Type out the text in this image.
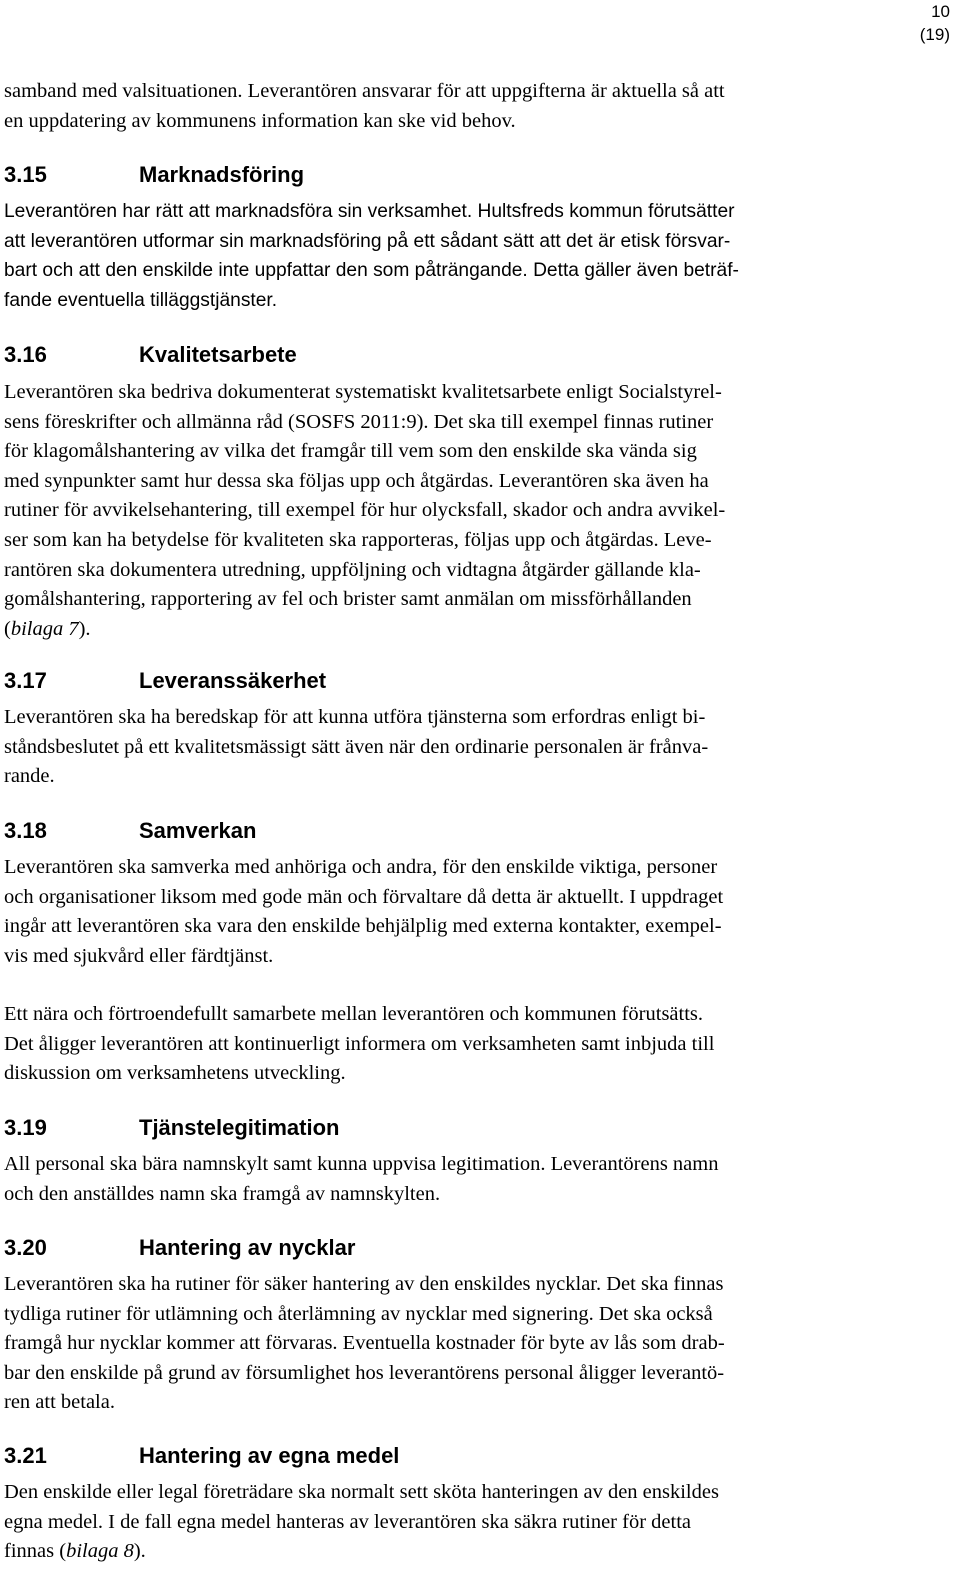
10
(19)
samband med valsituationen. Leverantören ansvarar för att uppgifterna är aktuella så att
en uppdatering av kommunens information kan ske vid behov.
3.15	Marknadsföring
Leverantören har rätt att marknadsföra sin verksamhet. Hultsfreds kommun förutsätter
att leverantören utformar sin marknadsföring på ett sådant sätt att det är etisk försvar-
bart och att den enskilde inte uppfattar den som påträngande. Detta gäller även beträf-
fande eventuella tilläggstjänster.
3.16	Kvalitetsarbete
Leverantören ska bedriva dokumenterat systematiskt kvalitetsarbete enligt Socialstyrel-
sens föreskrifter och allmänna råd (SOSFS 2011:9). Det ska till exempel finnas rutiner
för klagomålshantering av vilka det framgår till vem som den enskilde ska vända sig
med synpunkter samt hur dessa ska följas upp och åtgärdas. Leverantören ska även ha
rutiner för avvikelsehantering, till exempel för hur olycksfall, skador och andra avvikel-
ser som kan ha betydelse för kvaliteten ska rapporteras, följas upp och åtgärdas. Leve-
rantören ska dokumentera utredning, uppföljning och vidtagna åtgärder gällande kla-
gomålshantering, rapportering av fel och brister samt anmälan om missförhållanden
(bilaga 7).
3.17	Leveranssäkerhet
Leverantören ska ha beredskap för att kunna utföra tjänsterna som erfordras enligt bi-
ståndsbeslutet på ett kvalitetsmässigt sätt även när den ordinarie personalen är frånva-
rande.
3.18	Samverkan
Leverantören ska samverka med anhöriga och andra, för den enskilde viktiga, personer
och organisationer liksom med gode män och förvaltare då detta är aktuellt. I uppdraget
ingår att leverantören ska vara den enskilde behjälplig med externa kontakter, exempel-
vis med sjukvård eller färdtjänst.
Ett nära och förtroendefullt samarbete mellan leverantören och kommunen förutsätts.
Det åligger leverantören att kontinuerligt informera om verksamheten samt inbjuda till
diskussion om verksamhetens utveckling.
3.19	Tjänstelegitimation
All personal ska bära namnskylt samt kunna uppvisa legitimation. Leverantörens namn
och den anställdes namn ska framgå av namnskylten.
3.20	Hantering av nycklar
Leverantören ska ha rutiner för säker hantering av den enskildes nycklar. Det ska finnas
tydliga rutiner för utlämning och återlämning av nycklar med signering. Det ska också
framgå hur nycklar kommer att förvaras. Eventuella kostnader för byte av lås som drab-
bar den enskilde på grund av försumlighet hos leverantörens personal åligger leverantö-
ren att betala.
3.21	Hantering av egna medel
Den enskilde eller legal företrädare ska normalt sett sköta hanteringen av den enskildes
egna medel. I de fall egna medel hanteras av leverantören ska säkra rutiner för detta
finnas (bilaga 8).
